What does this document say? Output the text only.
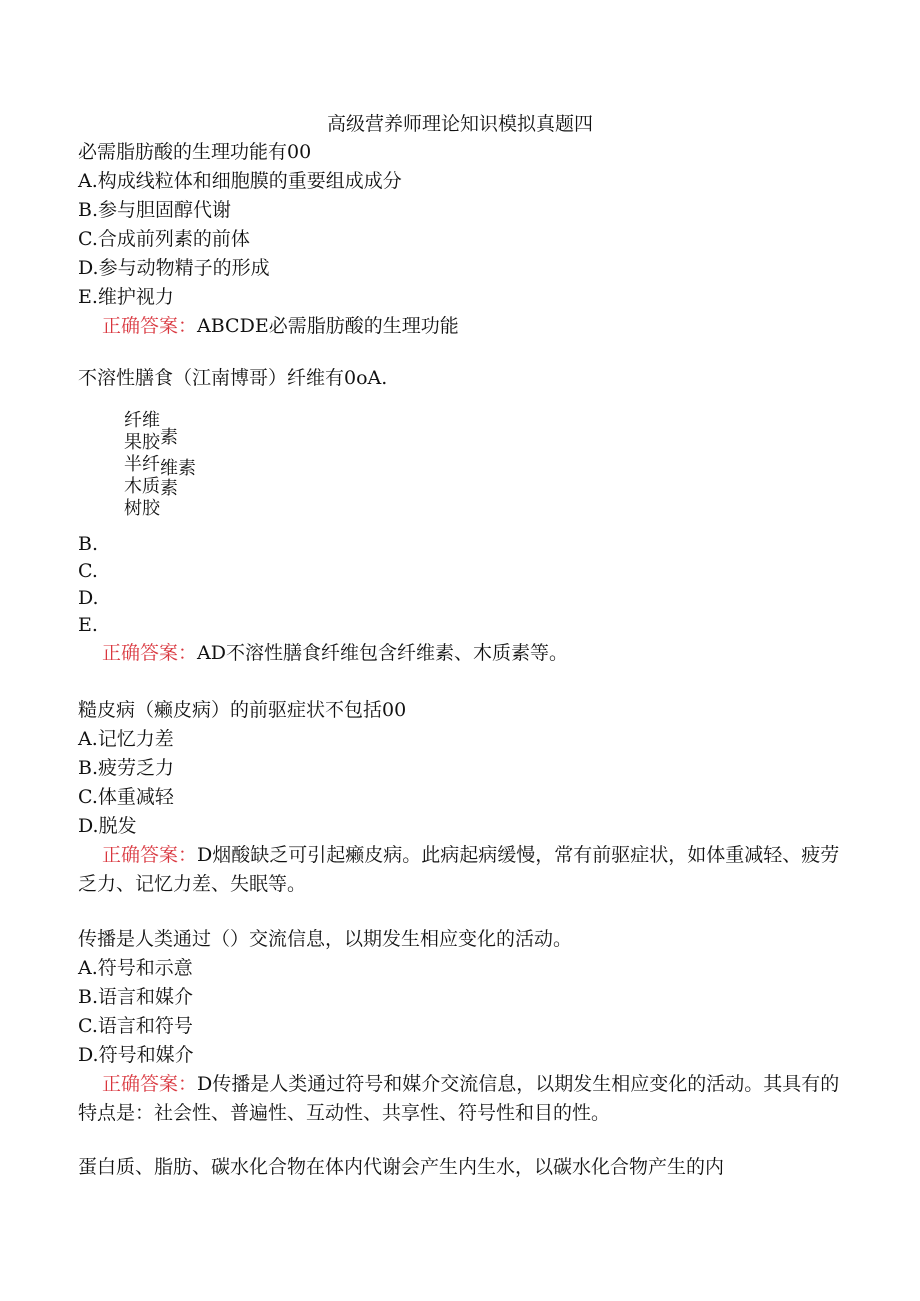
高级营养师理论知识模拟真题四
必需脂肪酸的生理功能有00
A.构成线粒体和细胞膜的重要组成成分
B.参与胆固醇代谢
C.合成前列素的前体
D.参与动物精子的形成
E.维护视力
正确答案：ABCDE必需脂肪酸的生理功能
不溶性膳食（江南博哥）纤维有0oA.
纤维
果胶素
半纤维素
木质素
树胶
B.
C.
D.
E.
正确答案：AD不溶性膳食纤维包含纤维素、木质素等。
糙皮病（癞皮病）的前驱症状不包括00
A.记忆力差
B.疲劳乏力
C.体重减轻
D.脱发
正确答案：D烟酸缺乏可引起癞皮病。此病起病缓慢，常有前驱症状，如体重减轻、疲劳乏力、记忆力差、失眠等。
传播是人类通过（）交流信息，以期发生相应变化的活动。
A.符号和示意
B.语言和媒介
C.语言和符号
D.符号和媒介
正确答案：D传播是人类通过符号和媒介交流信息，以期发生相应变化的活动。其具有的特点是：社会性、普遍性、互动性、共享性、符号性和目的性。
蛋白质、脂肪、碳水化合物在体内代谢会产生内生水，以碳水化合物产生的内
